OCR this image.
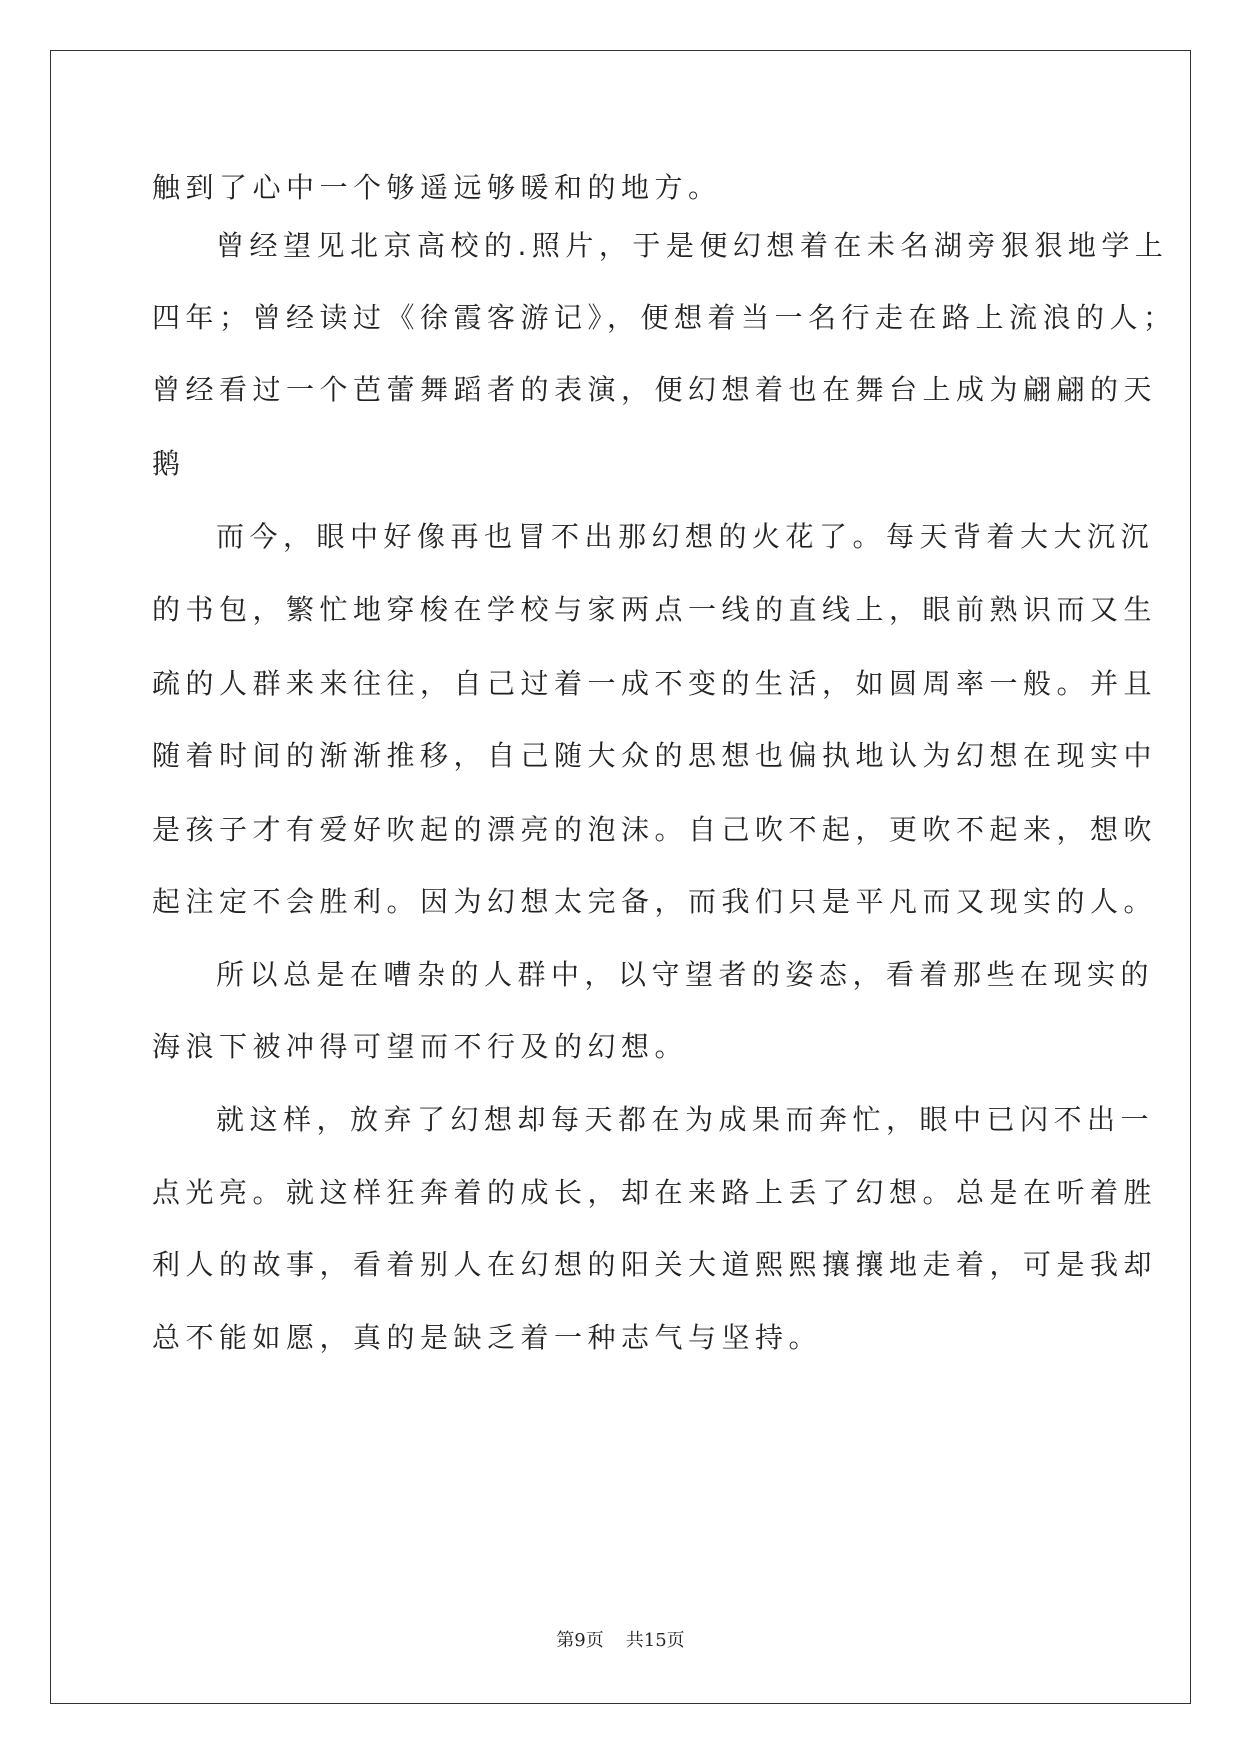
触到了心中一个够遥远够暖和的地方。

曾经望见北京高校的.照片，于是便幻想着在未名湖旁狠狠地学上

四年；曾经读过《徐霞客游记》，便想着当一名行走在路上流浪的人；

曾经看过一个芭蕾舞蹈者的表演，便幻想着也在舞台上成为翩翩的天

鹅

而今，眼中好像再也冒不出那幻想的火花了。每天背着大大沉沉

的书包，繁忙地穿梭在学校与家两点一线的直线上，眼前熟识而又生

疏的人群来来往往，自己过着一成不变的生活，如圆周率一般。并且

随着时间的渐渐推移，自己随大众的思想也偏执地认为幻想在现实中

是孩子才有爱好吹起的漂亮的泡沫。自己吹不起，更吹不起来，想吹

起注定不会胜利。因为幻想太完备，而我们只是平凡而又现实的人。

所以总是在嘈杂的人群中，以守望者的姿态，看着那些在现实的

海浪下被冲得可望而不行及的幻想。

就这样，放弃了幻想却每天都在为成果而奔忙，眼中已闪不出一

点光亮。就这样狂奔着的成长，却在来路上丢了幻想。总是在听着胜

利人的故事，看着别人在幻想的阳关大道熙熙攘攘地走着，可是我却

总不能如愿，真的是缺乏着一种志气与坚持。

第9页 共15页
